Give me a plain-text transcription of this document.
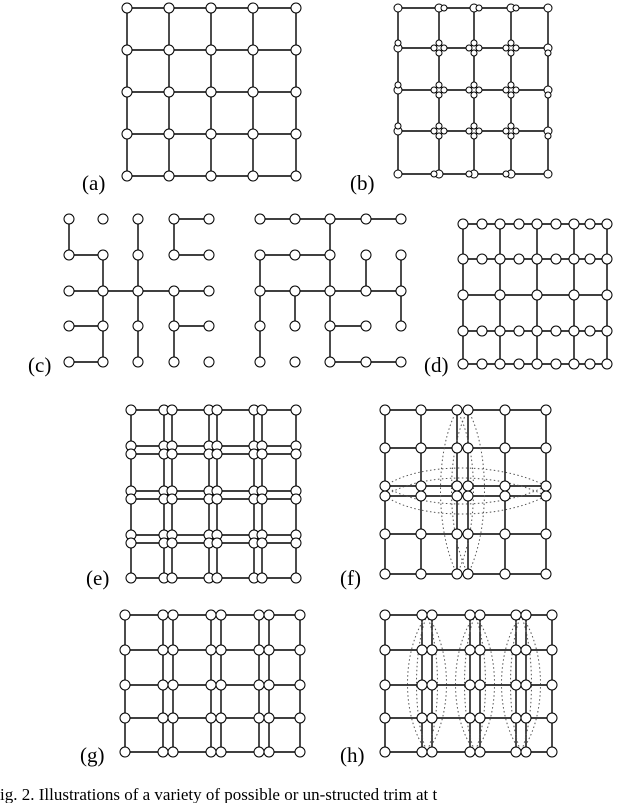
(a)	(b)
(c)	(d)
(e)	(f)
(g)	(h)
ig. 2. Illustrations of a variety of possible or un-structed trim at t
